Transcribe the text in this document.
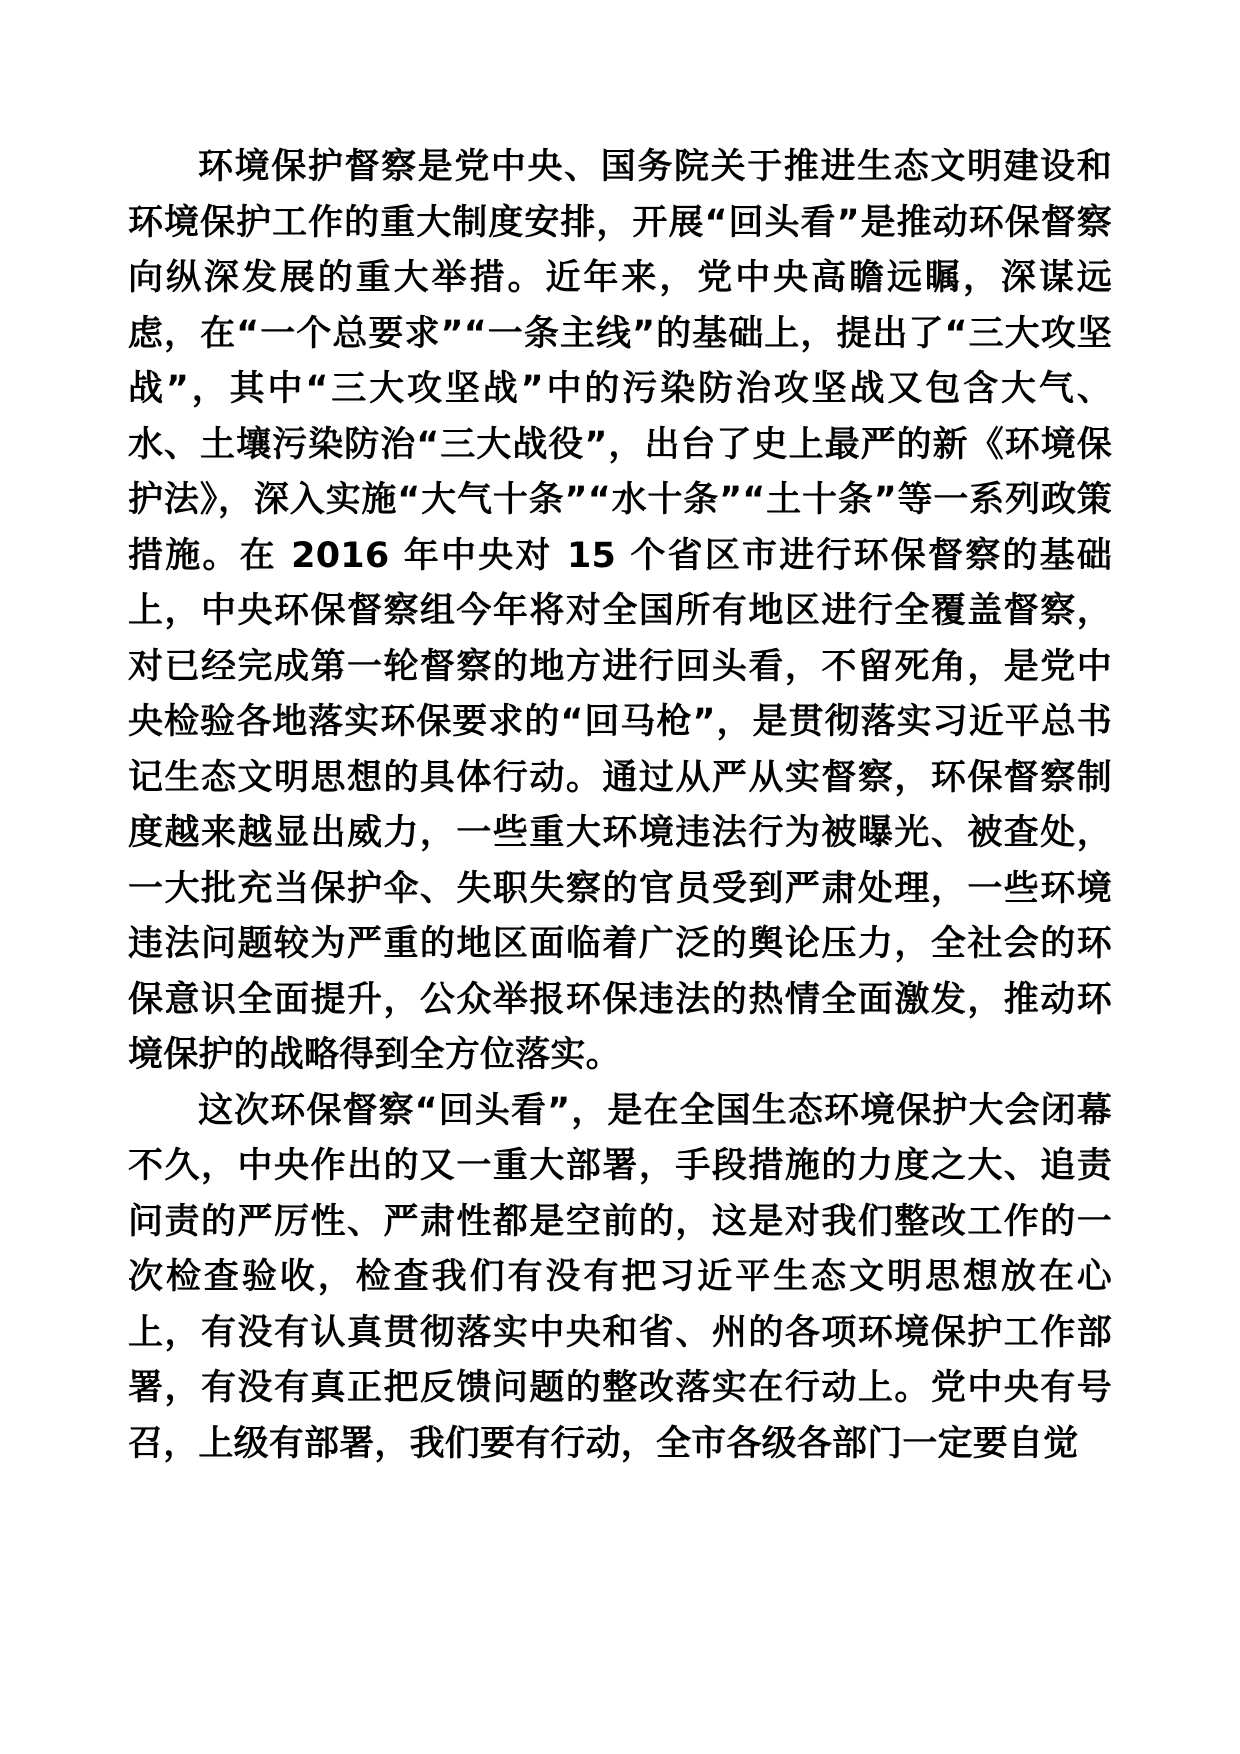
环境保护督察是党中央、国务院关于推进生态文明建设和环境保护工作的重大制度安排，开展“回头看”是推动环保督察向纵深发展的重大举措。近年来，党中央高瞻远瞩，深谋远虑，在“一个总要求”“一条主线”的基础上，提出了“三大攻坚战”，其中“三大攻坚战”中的污染防治攻坚战又包含大气、水、土壤污染防治“三大战役”，出台了史上最严的新《环境保护法》，深入实施“大气十条”“水十条”“土十条”等一系列政策措施。在 2016 年中央对 15 个省区市进行环保督察的基础上，中央环保督察组今年将对全国所有地区进行全覆盖督察，对已经完成第一轮督察的地方进行回头看，不留死角，是党中央检验各地落实环保要求的“回马枪”，是贯彻落实习近平总书记生态文明思想的具体行动。通过从严从实督察，环保督察制度越来越显出威力，一些重大环境违法行为被曝光、被查处，一大批充当保护伞、失职失察的官员受到严肃处理，一些环境违法问题较为严重的地区面临着广泛的舆论压力，全社会的环保意识全面提升，公众举报环保违法的热情全面激发，推动环境保护的战略得到全方位落实。

这次环保督察“回头看”，是在全国生态环境保护大会闭幕不久，中央作出的又一重大部署，手段措施的力度之大、追责问责的严厉性、严肃性都是空前的，这是对我们整改工作的一次检查验收，检查我们有没有把习近平生态文明思想放在心上，有没有认真贯彻落实中央和省、州的各项环境保护工作部署，有没有真正把反馈问题的整改落实在行动上。党中央有号召，上级有部署，我们要有行动，全市各级各部门一定要自觉
